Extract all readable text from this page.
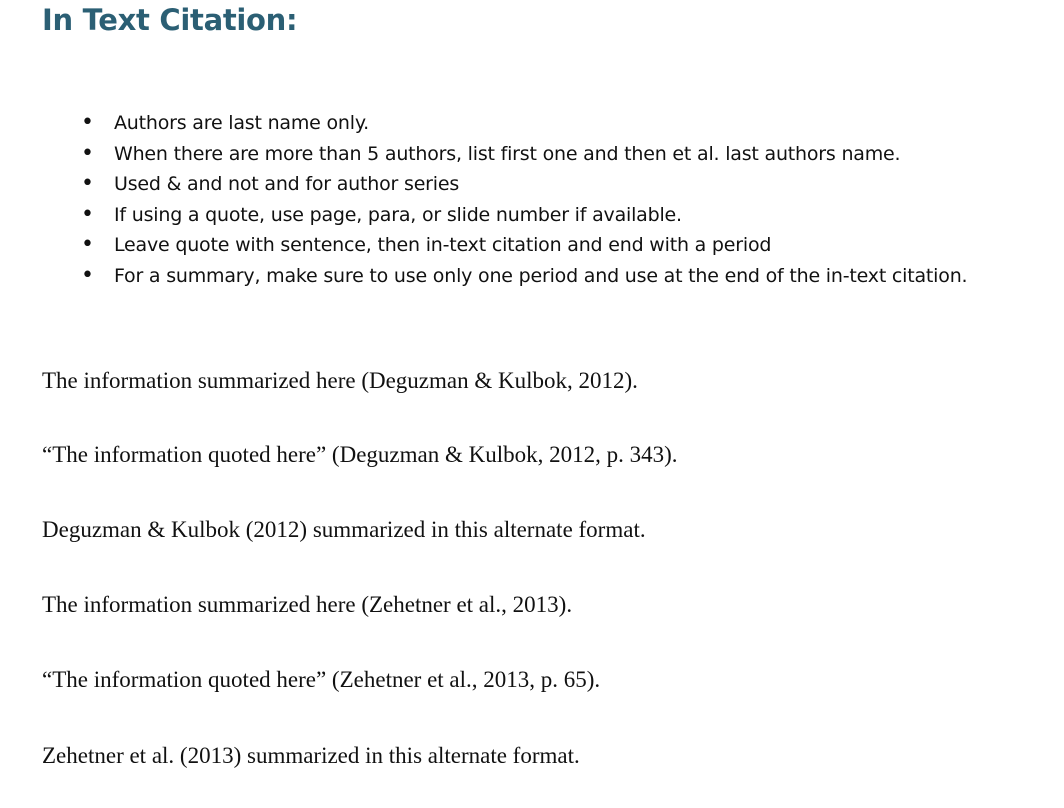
In Text Citation:
• Authors are last name only.
• When there are more than 5 authors, list first one and then et al. last authors name.
• Used & and not and for author series
• If using a quote, use page, para, or slide number if available.
• Leave quote with sentence, then in-text citation and end with a period
• For a summary, make sure to use only one period and use at the end of the in-text citation.

The information summarized here (Deguzman & Kulbok, 2012).

“The information quoted here” (Deguzman & Kulbok, 2012, p. 343).

Deguzman & Kulbok (2012) summarized in this alternate format.

The information summarized here (Zehetner et al., 2013).

“The information quoted here” (Zehetner et al., 2013, p. 65).

Zehetner et al. (2013) summarized in this alternate format.
